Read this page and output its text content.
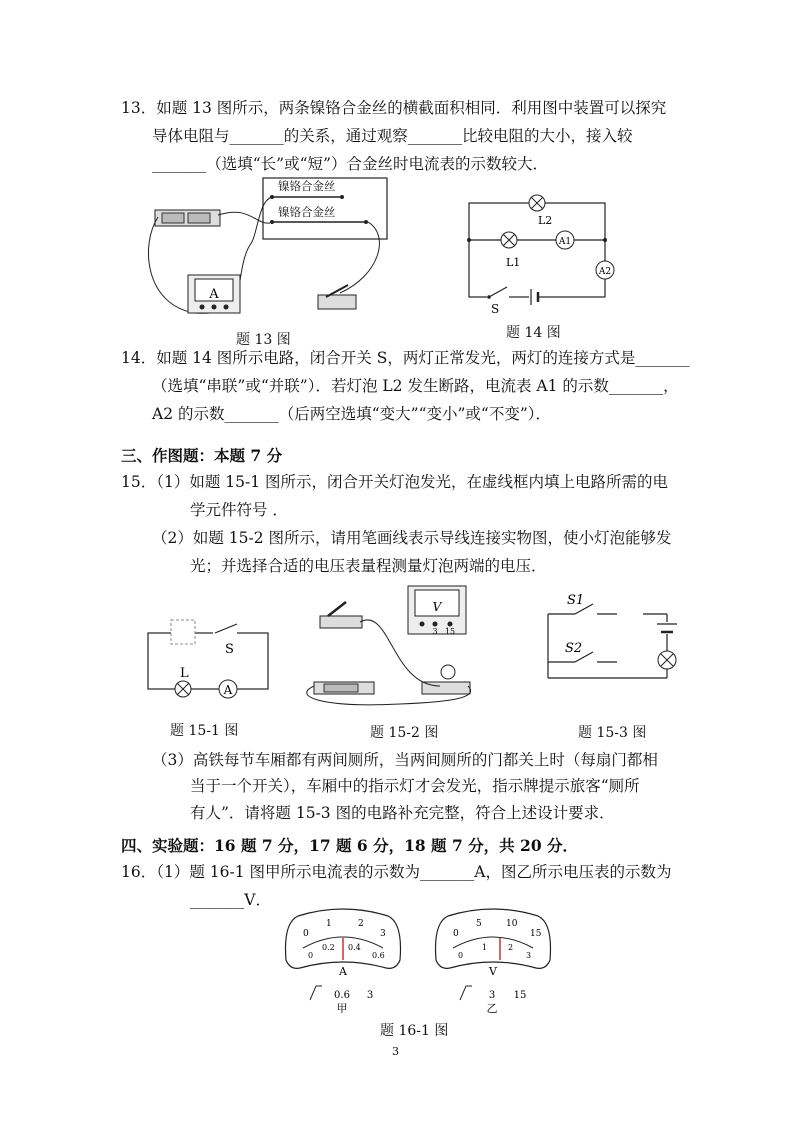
13．如题 13 图所示，两条镍铬合金丝的横截面积相同．利用图中装置可以探究
导体电阻与_______的关系，通过观察_______比较电阻的大小，接入较
_______（选填“长”或“短”）合金丝时电流表的示数较大．
A
镍铬合金丝
镍铬合金丝
题 13 图
L2
L1
A1
A2
S
题 14 图
14．如题 14 图所示电路，闭合开关 S，两灯正常发光，两灯的连接方式是_______
（选填“串联”或“并联”）．若灯泡 L2 发生断路，电流表 A1 的示数_______，
A2 的示数_______（后两空选填“变大”“变小”或“不变”）．
三、作图题：本题 7 分
15．（1）如题 15-1 图所示，闭合开关灯泡发光，在虚线框内填上电路所需的电
学元件符号 ．
（2）如题 15-2 图所示，请用笔画线表示导线连接实物图，使小灯泡能够发
光；并选择合适的电压表量程测量灯泡两端的电压．
A
L
S
题 15-1 图
V
3 15
题 15-2 图
S1
S2
题 15-3 图
（3）高铁每节车厢都有两间厕所，当两间厕所的门都关上时（每扇门都相
当于一个开关），车厢中的指示灯才会发光，指示牌提示旅客“厕所
有人”．请将题 15-3 图的电路补充完整，符合上述设计要求．
四、实验题：16 题 7 分，17 题 6 分，18 题 7 分，共 20 分．
16．（1）题 16-1 图甲所示电流表的示数为_______A，图乙所示电压表的示数为
_______V．
0
1	2
3
0
0.2 0.4
0.6
A
0.6 3
甲
0
5	10
15
0
1	2
3
V
3 15
乙
题 16-1 图
3
